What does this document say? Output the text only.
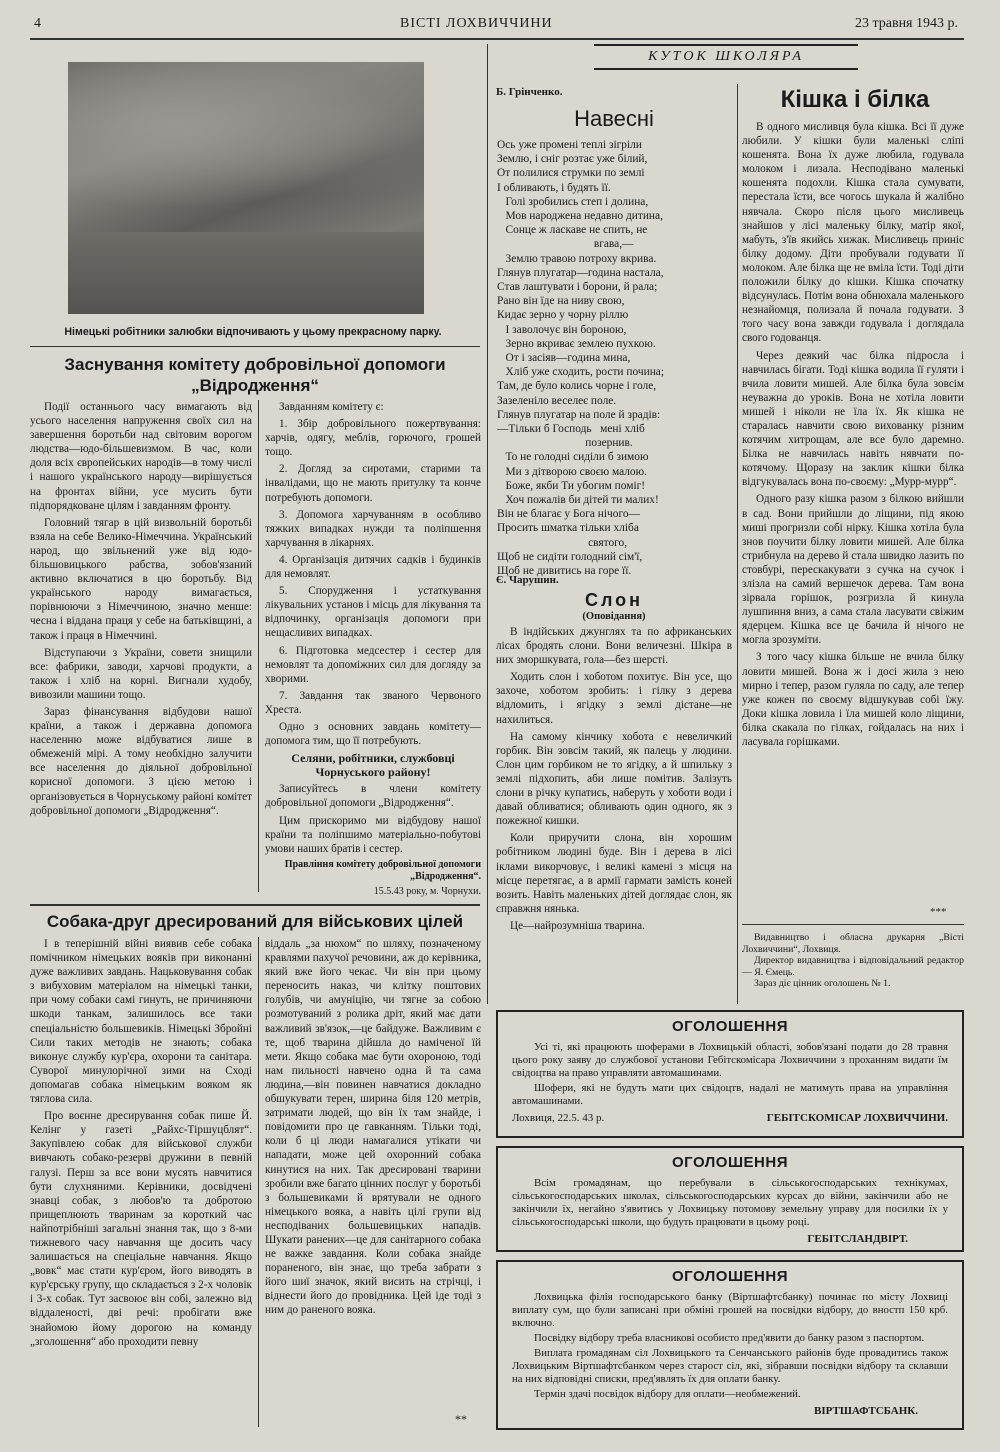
4	ВІСТІ ЛОХВИЧЧИНИ	23 травня 1943 р.
Німецькі робітники залюбки відпочивають у цьому прекрасному парку.
Заснування комітету добровільної допомоги
„Відродження“

Події останнього часу вимагають від усього населення напруження своїх сил на завершення боротьби над світовим ворогом людства—юдо-більшевизмом. В час, коли доля всіх європейських народів—в тому числі і нашого українського народу—вирішується на фронтах війни, усе мусить бути підпорядковане цілям і завданням фронту.

Головний тягар в цій визвольній боротьбі взяла на себе Велико-Німеччина. Український народ, що звільнений уже від юдо-більшовицького рабства, зобов'язаний активно включатися в цю боротьбу. Від українського народу вимагається, порівнюючи з Німеччиною, значно менше: чесна і віддана праця у себе на батьківщині, а також і праця в Німеччині.

Відступаючи з України, совети знищили все: фабрики, заводи, харчові продукти, а також і хліб на корні. Вигнали худобу, вивозили машини тощо.

Зараз фінансування відбудови нашої країни, а також і державна допомога населенню може відбуватися лише в обмеженій мірі. А тому необхідно залучити все населення до діяльної добровільної корисної допомоги. З цією метою і організовується в Чорнуському районі комітет добровільної допомоги „Відродження“.

Завданням комітету є:

1. Збір добровільного пожертвування: харчів, одягу, меблів, горючого, грошей тощо.

2. Догляд за сиротами, старими та інвалідами, що не мають притулку та конче потребують допомоги.

3. Допомога харчуванням в особливо тяжких випадках нужди та поліпшення харчування в лікарнях.

4. Організація дитячих садків і будинків для немовлят.

5. Спорудження і устаткування лікувальних установ і місць для лікування та відпочинку, організація допомоги при нещасливих випадках.

6. Підготовка медсестер і сестер для немовлят та допоміжних сил для догляду за хворими.

7. Завдання так званого Червоного Хреста.

Одно з основних завдань комітету—допомога тим, що її потребують.

Селяни, робітники, службовці Чорнуського району!

Записуйтесь в члени комітету добровільної допомоги „Відродження“.

Цим прискоримо ми відбудову нашої країни та поліпшимо матеріально-побутові умови наших братів і сестер.

Правління комітету добровільної допомоги „Відродження“.

15.5.43 року, м. Чорнухи.

Собака-друг дресирований для військових цілей

І в теперішній війні виявив себе собака помічником німецьких вояків при виконанні дуже важливих завдань. Нацьковування собак з вибуховим матеріалом на німецькі танки, при чому собаки самі гинуть, не причиняючи шкоди танкам, залишилось все таки спеціальністю большевиків. Німецькі Збройні Сили таких методів не знають; собака виконує службу кур'єра, охорони та санітара. Суворої минулорічної зими на Сході допомагав собака німецьким вояком як тяглова сила.

Про воєнне дресирування собак пише Й. Келінг у газеті „Райхс-Тіршуцблят“. Закупівлею собак для військової служби вивчають собако-резерві дружини в певній галузі. Перш за все вони мусять навчитися бути слухняними. Керівники, досвідчені знавці собак, з любов'ю та добротою прищеплюють тваринам за короткий час найпотрібніші загальні знання так, що з 8-ми тижневого часу навчання ще досить часу залишається на спеціальне навчання. Якщо „вовк“ має стати кур'єром, його виводять в кур'єрську групу, що складається з 2-х чоловік і 3-х собак. Тут засвоює він собі, залежно від віддаленості, дві речі: пробігати вже знайомою йому дорогою на команду „зголошення“ або проходити певну

віддаль „за нюхом“ по шляху, позначеному кравлями пахучої речовини, аж до керівника, який вже його чекає. Чи він при цьому переносить наказ, чи клітку поштових голубів, чи амуніцію, чи тягне за собою розмотуваний з ролика дріт, який має дати важливий зв'язок,—це байдуже. Важливим є те, щоб тварина дійшла до наміченої їй мети. Якщо собака має бути охороною, тоді нам пильності навчено одна й та сама людина,—він повинен навчатися докладно обшукувати терен, ширина біля 120 метрів, затримати людей, що він їх там знайде, і повідомити про це гавканням. Тільки тоді, коли б ці люди намагалися утікати чи нападати, може цей охоронний собака кинутися на них. Так дресировані тварини зробили вже багато цінних послуг у боротьбі з большевиками й врятували не одного німецького вояка, а навіть цілі групи від несподіваних большевицьких нападів. Шукати ранених—це для санітарного собака не важке завдання. Коли собака знайде пораненого, він знає, що треба забрати з його шиї значок, який висить на стрічці, і віднести його до провідника. Цей іде тоді з ним до раненого вояка.

**
КУТОК ШКОЛЯРА
Б. Грінченко.
Навесні
Ось уже промені теплі зігріли
Землю, і сніг розтає уже білий,
От полилися струмки по землі
І обливають, і будять її.
Голі зробились степ і долина,
Мов народжена недавно дитина,
Сонце ж ласкаве не спить, не
вгава,—
Землю травою потроху вкрива.
Глянув плугатар—година настала,
Став лаштувати і борони, й рала;
Рано він їде на ниву свою,
Кидає зерно у чорну ріллю
І заволочує він бороною,
Зерно вкриває землею пухкою.
От і засіяв—година мина,
Хліб уже сходить, рости починa;
Там, де було колись чорне і голе,
Зазеленіло веселеє поле.
Глянув плугатар на поле й зрадів:
—Тільки б Господь   мені хліб
позернив.
То не голодні сиділи б зимою
Ми з дітворою своєю малою.
Боже, якби Ти убогим поміг!
Хоч пожалів би дітей ти малих!
Він не благає у Бога нічого—
Просить шматка тільки хліба
святого,
Щоб не сидіти голодний сім'ї,
Щоб не дивитись на горе її.
Є. Чарушин.
Слон
(Оповідання)

В індійських джунглях та по африканських лісах бродять слони. Вони величезні. Шкіра в них зморшкувата, гола—без шерсті.

Ходить слон і хоботом похитує. Він усе, що захоче, хоботом зробить: і гілку з дерева відломить, і ягідку з землі дістане—не нахилиться.

На самому кінчику хобота є невеличкий горбик. Він зовсім такий, як палець у людини. Слон цим горбиком не то ягідку, а й шпильку з землі підхопить, аби лише помітив. Залізуть слони в річку купатись, наберуть у хоботи води і давай обливатися; обливають один одного, як з пожежної кишки.

Коли приручити слона, він хорошим робітником людині буде. Він і дерева в лісі іклами викорчовує, і великі камені з місця на місце перетягає, а в армії гармати замість коней возить. Навіть маленьких дітей доглядає слон, як справжня нянька.

Це—найрозумніша тварина.

Кішка і білка

В одного мисливця була кішка. Всі її дуже любили. У кішки були маленькі сліпі кошенята. Вона їх дуже любила, годувала молоком і лизала. Несподівано маленькі кошенята подохли. Кішка стала сумувати, перестала їсти, все чогось шукала й жалібно нявчала. Скоро після цього мисливець знайшов у лісі маленьку білку, матір якої, мабуть, з'їв якийсь хижак. Мисливець приніс білку додому. Діти пробували годувати її молоком. Але білка ще не вміла їсти. Тоді діти положили білку до кішки. Кішка спочатку відсунулась. Потім вона обнюхала маленького незнайомця, полизала й почала годувати. З того часу вона завжди годувала і доглядала свого годованця.

Через деякий час білка підросла і навчилась бігати. Тоді кішка водила її гуляти і вчила ловити мишей. Але білка була зовсім неуважна до уроків. Вона не хотіла ловити мишей і ніколи не їла їх. Як кішка не старалась навчити свою вихованку різним котячим хитрощам, але все було даремно. Білка не навчилась навіть нявчати по-котячому. Щоразу на заклик кішки білка відгукувалась вона по-своєму: „Мурр-мурр“.

Одного разу кішка разом з білкою вийшли в сад. Вони прийшли до ліщини, під якою миші прогризли собі нірку. Кішка хотіла була знов поучити білку ловити мишей. Але білка стрибнула на дерево й стала швидко лазить по стовбурі, перескакувати з сучка на сучок і злізла на самий вершечок дерева. Там вона зірвала горішок, розгризла й кинула лушпиння вниз, а сама стала ласувати свіжим ядерцем. Кішка все це бачила й нічого не могла зрозуміти.

З того часу кішка більше не вчила білку ловити мишей. Вона ж і досі жила з нею мирно і тепер, разом гуляла по саду, але тепер уже кожен по своєму відшукував собі їжу. Доки кішка ловила і їла мишей коло ліщини, білка скакала по гілках, гойдалась на них і ласувала горішками.

***
Видавництво і обласна друкарня „Вісті Лохвиччини“, Лохвиця.
Директор видавництва і відповідальний редактор — Я. Ємець.
Зараз діє цінник оголошень № 1.
ОГОЛОШЕННЯ

Усі ті, які працюють шоферами в Лохвицькій області, зобов'язані подати до 28 травня цього року заяву до службової установи Гебітскомісара Лохвиччини з проханням видати їм свідоцтва на право управляти автомашинами.

Шофери, які не будуть мати цих свідоцтв, надалі не матимуть права на управління автомашинами.

Лохвиця, 22.5. 43 р.	ГЕБІТСКОМІСАР ЛОХВИЧЧИНИ.
ОГОЛОШЕННЯ

Всім громадянам, що перебували в сільськогосподарських технікумах, сільськогосподарських школах, сільськогосподарських курсах до війни, закінчили або не закінчили їх, негайно з'явитись у Лохвицьку потомову земельну управу для посилки їх у сільськогосподарські школи, що будуть працювати в цьому році.

ГЕБІТСЛАНДВІРТ.
ОГОЛОШЕННЯ

Лохвицька філія господарського банку (Віртшафтсбанку) починає по місту Лохвиці виплату сум, що були записані при обміні грошей на посвідки відбору, до вностп 150 крб. включно.

Посвідку відбору треба власникові особисто пред'явити до банку разом з паспортом.

Виплата громадянам сіл Лохвицького та Сенчанського районів буде провадитись також Лохвицьким Віртшафтсбанком через старост сіл, які, зібравши посвідки відбору та склавши на них відповідні списки, пред'являть їх для оплати банку.

Термін здачі посвідок відбору для оплати—необмежений.

ВІРТШАФТСБАНК.
